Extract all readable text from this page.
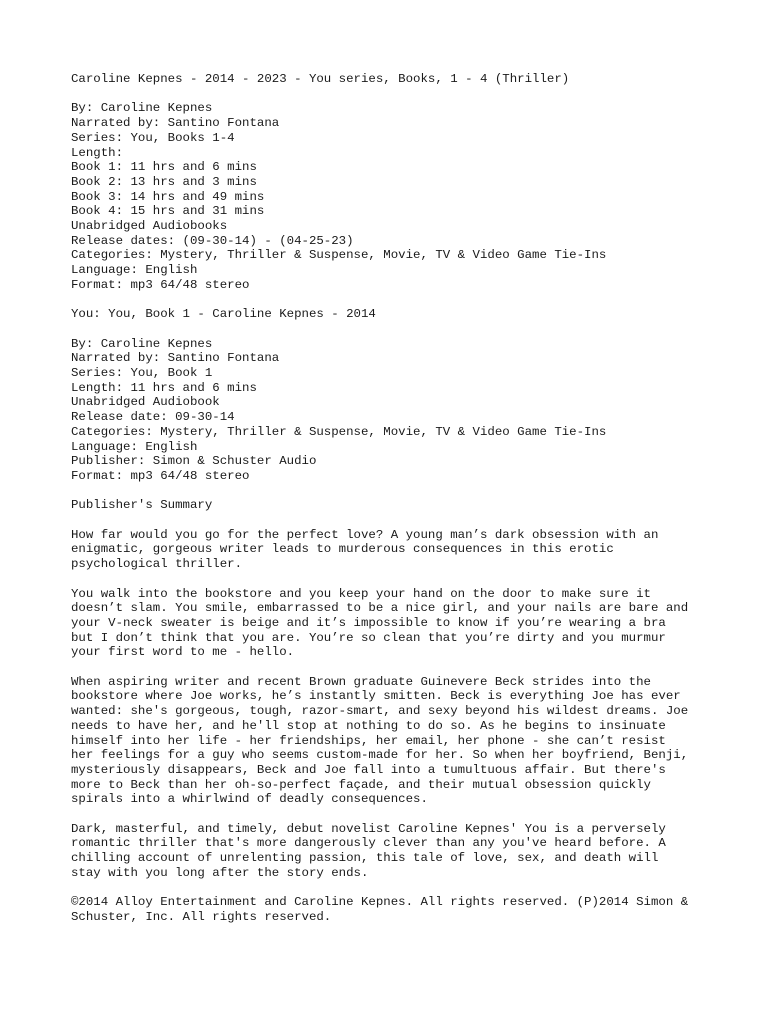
Caroline Kepnes - 2014 - 2023 - You series, Books, 1 - 4 (Thriller)
By: Caroline Kepnes
Narrated by: Santino Fontana
Series: You, Books 1-4
Length:
Book 1: 11 hrs and 6 mins
Book 2: 13 hrs and 3 mins
Book 3: 14 hrs and 49 mins
Book 4: 15 hrs and 31 mins
Unabridged Audiobooks
Release dates: (09-30-14) - (04-25-23)
Categories: Mystery, Thriller & Suspense, Movie, TV & Video Game Tie-Ins
Language: English
Format: mp3 64/48 stereo
You: You, Book 1 - Caroline Kepnes - 2014
By: Caroline Kepnes
Narrated by: Santino Fontana
Series: You, Book 1
Length: 11 hrs and 6 mins
Unabridged Audiobook
Release date: 09-30-14
Categories: Mystery, Thriller & Suspense, Movie, TV & Video Game Tie-Ins
Language: English
Publisher: Simon & Schuster Audio
Format: mp3 64/48 stereo
Publisher's Summary
How far would you go for the perfect love? A young man’s dark obsession with an
enigmatic, gorgeous writer leads to murderous consequences in this erotic
psychological thriller.
You walk into the bookstore and you keep your hand on the door to make sure it
doesn’t slam. You smile, embarrassed to be a nice girl, and your nails are bare and
your V-neck sweater is beige and it’s impossible to know if you’re wearing a bra
but I don’t think that you are. You’re so clean that you’re dirty and you murmur
your first word to me - hello.
When aspiring writer and recent Brown graduate Guinevere Beck strides into the
bookstore where Joe works, he’s instantly smitten. Beck is everything Joe has ever
wanted: she's gorgeous, tough, razor-smart, and sexy beyond his wildest dreams. Joe
needs to have her, and he'll stop at nothing to do so. As he begins to insinuate
himself into her life - her friendships, her email, her phone - she can’t resist
her feelings for a guy who seems custom-made for her. So when her boyfriend, Benji,
mysteriously disappears, Beck and Joe fall into a tumultuous affair. But there's
more to Beck than her oh-so-perfect façade, and their mutual obsession quickly
spirals into a whirlwind of deadly consequences.
Dark, masterful, and timely, debut novelist Caroline Kepnes' You is a perversely
romantic thriller that's more dangerously clever than any you've heard before. A
chilling account of unrelenting passion, this tale of love, sex, and death will
stay with you long after the story ends.
©2014 Alloy Entertainment and Caroline Kepnes. All rights reserved. (P)2014 Simon &
Schuster, Inc. All rights reserved.
